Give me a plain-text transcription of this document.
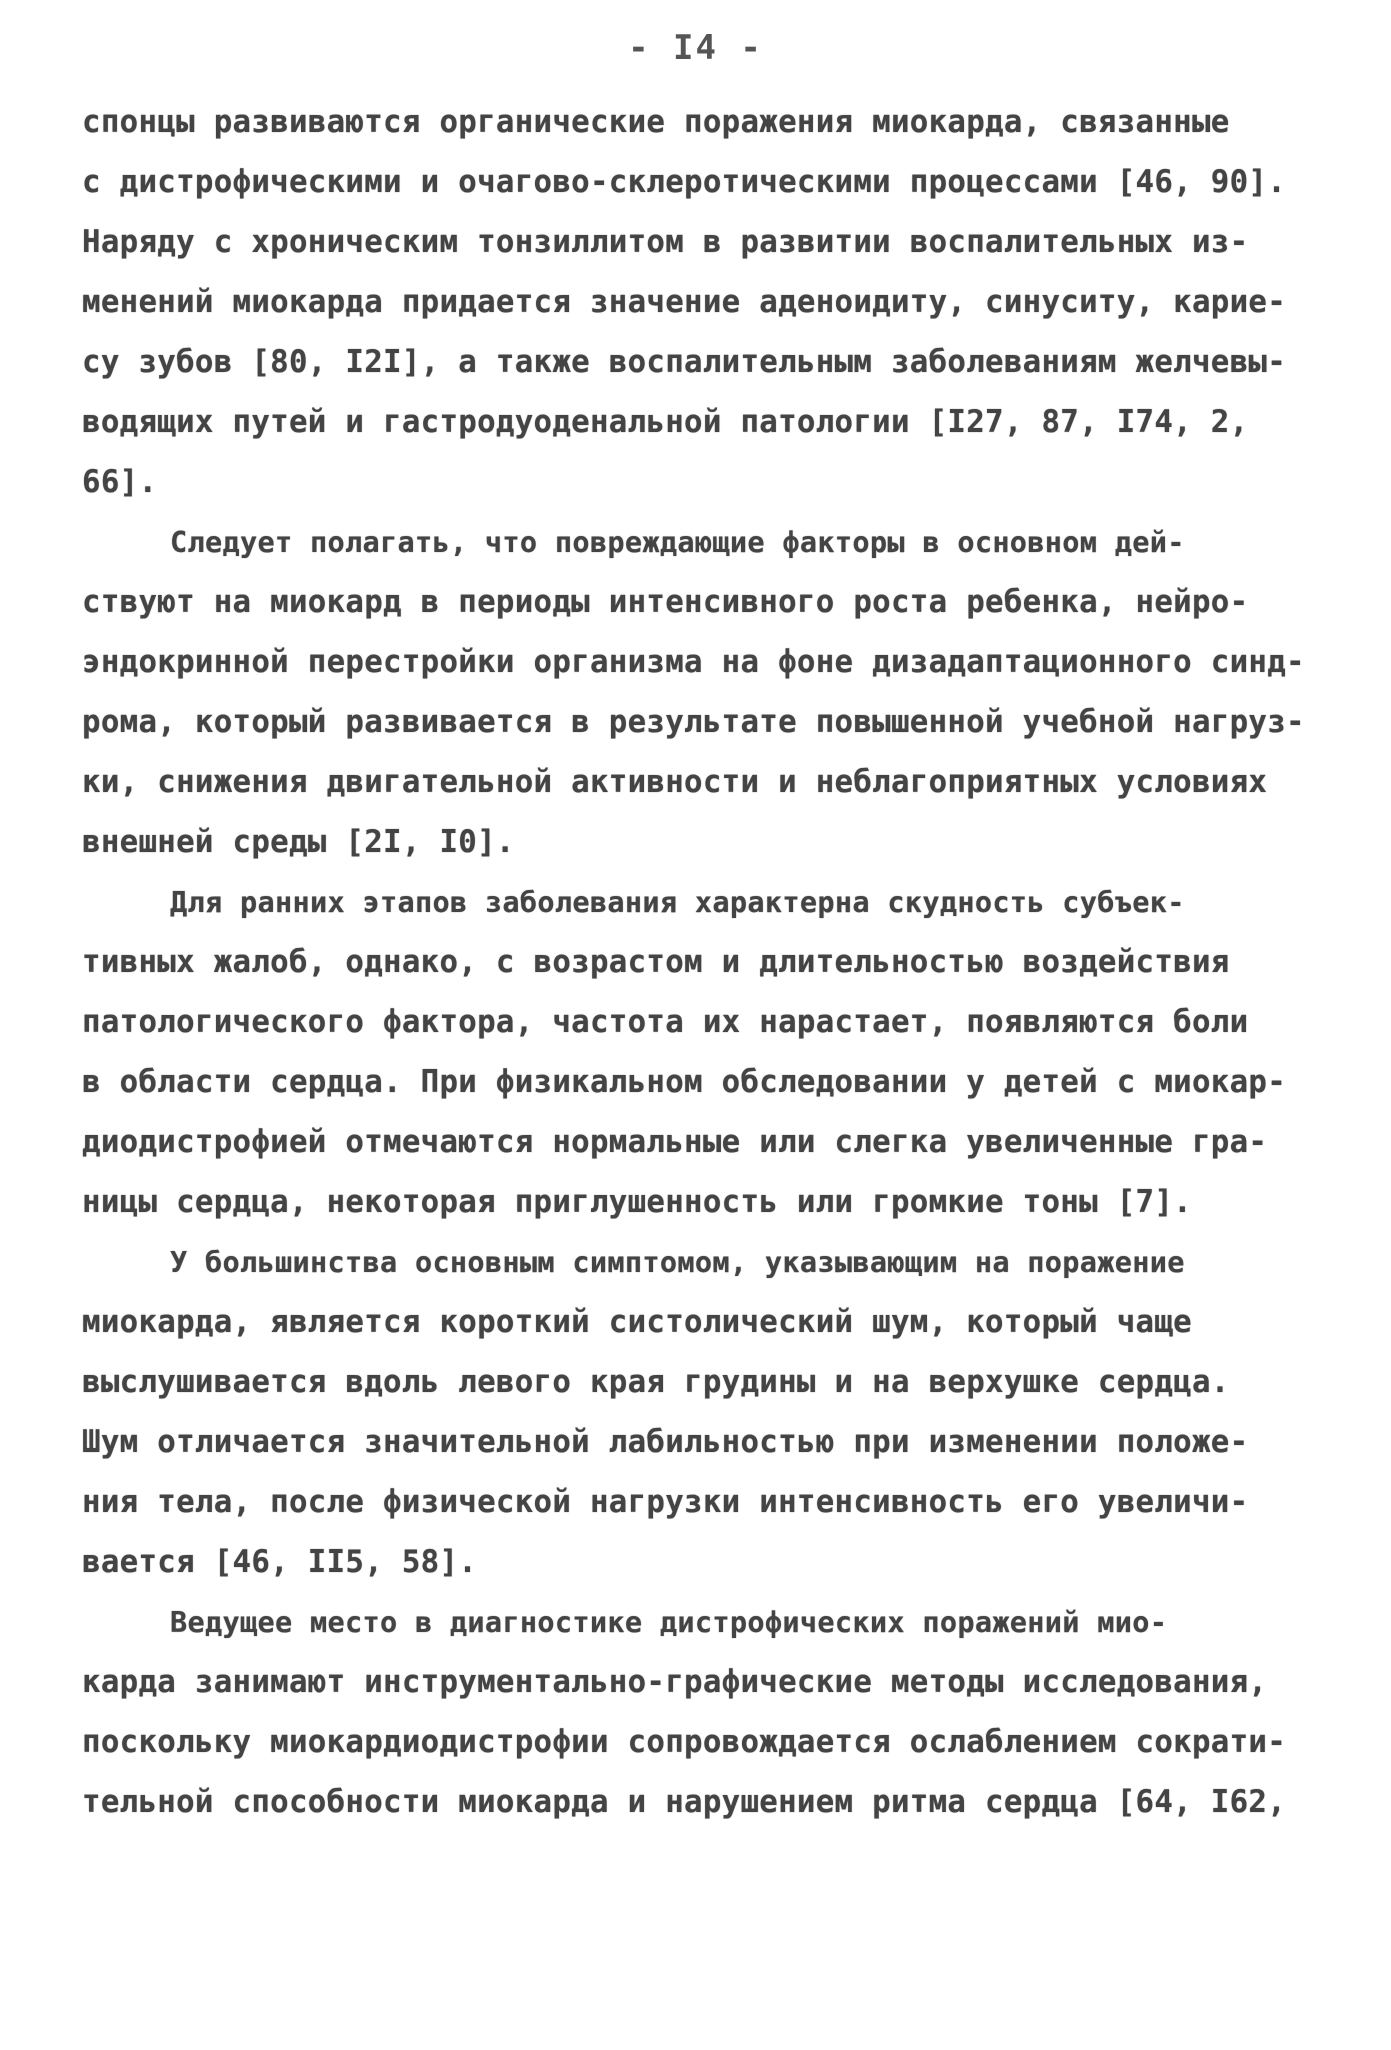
- I4 -
спонцы развиваются органические поражения миокарда, связанные
с дистрофическими и очагово-склеротическими процессами [46, 90].
Наряду с хроническим тонзиллитом в развитии воспалительных из-
менений миокарда придается значение аденоидиту, синуситу, карие-
су зубов [80, I2I], а также воспалительным заболеваниям желчевы-
водящих путей и гастродуоденальной патологии [I27, 87, I74, 2,
66].
Следует полагать, что повреждающие факторы в основном дей-
ствуют на миокард в периоды интенсивного роста ребенка, нейро-
эндокринной перестройки организма на фоне дизадаптационного синд-
рома, который развивается в результате повышенной учебной нагруз-
ки, снижения двигательной активности и неблагоприятных условиях
внешней среды [2I, I0].
Для ранних этапов заболевания характерна скудность субъек-
тивных жалоб, однако, с возрастом и длительностью воздействия
патологического фактора, частота их нарастает, появляются боли
в области сердца. При физикальном обследовании у детей с миокар-
диодистрофией отмечаются нормальные или слегка увеличенные гра-
ницы сердца, некоторая приглушенность или громкие тоны [7].
У большинства основным симптомом, указывающим на поражение
миокарда, является короткий систолический шум, который чаще
выслушивается вдоль левого края грудины и на верхушке сердца.
Шум отличается значительной лабильностью при изменении положе-
ния тела, после физической нагрузки интенсивность его увеличи-
вается [46, II5, 58].
Ведущее место в диагностике дистрофических поражений мио-
карда занимают инструментально-графические методы исследования,
поскольку миокардиодистрофии сопровождается ослаблением сократи-
тельной способности миокарда и нарушением ритма сердца [64, I62,
